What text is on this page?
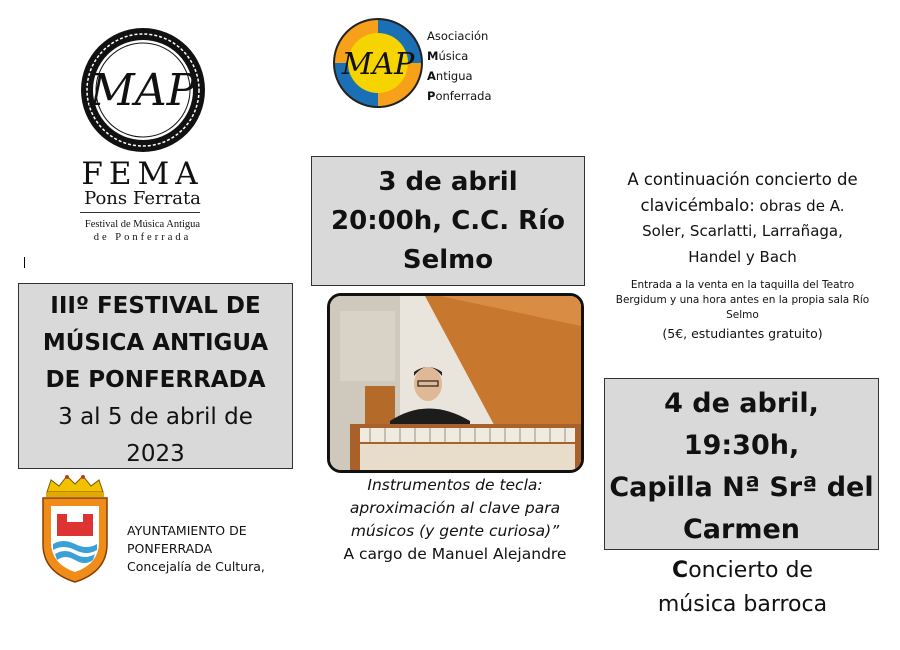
MAP
FEMA
Pons Ferrata
Festival de Música Antigua
de Ponferrada
MAP
Asociación
Música
Antigua
Ponferrada

IIIº FESTIVAL DE

MÚSICA ANTIGUA

DE PONFERRADA

3 al 5 de abril de

2023

3 de abril

20:00h, C.C. Río

Selmo

Instrumentos de tecla:
aproximación al clave para
músicos (y gente curiosa)”
A cargo de Manuel Alejandre
A continuación concierto de
clavicémbalo: obras de A.
Soler, Scarlatti, Larrañaga,
Handel y Bach
Entrada a la venta en la taquilla del Teatro
Bergidum y una hora antes en la propia sala Río
Selmo
(5€, estudiantes gratuito)

4 de abril,

19:30h,

Capilla Nª Srª del

Carmen

Concierto de
música barroca
AYUNTAMIENTO DE
PONFERRADA
Concejalía de Cultura,
